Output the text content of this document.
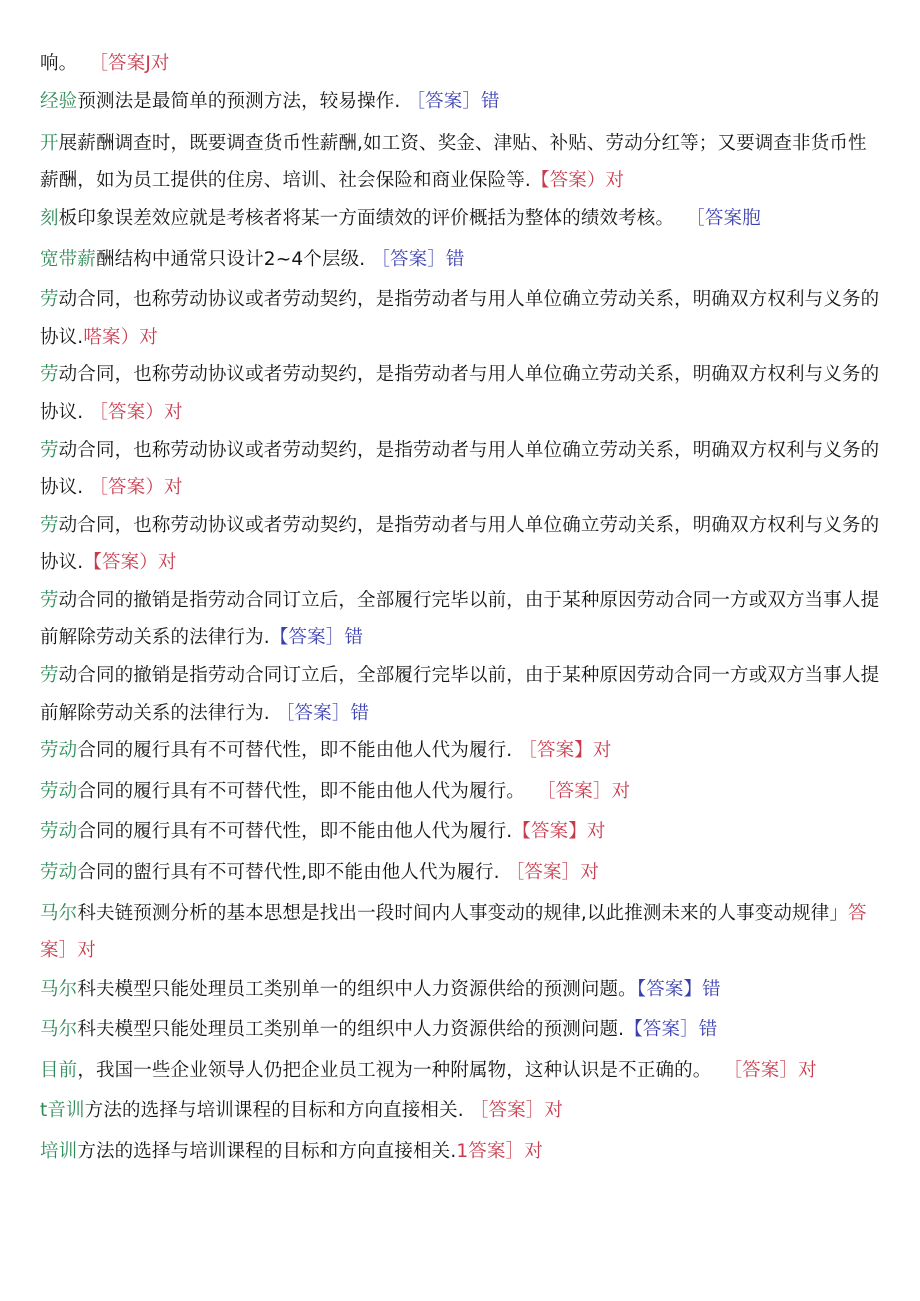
响。 ［答案J对
经验预测法是最简单的预测方法，较易操作. ［答案］错
开展薪酬调查时，既要调查货币性薪酬,如工资、奖金、津贴、补贴、劳动分红等；又要调查非货币性
薪酬，如为员工提供的住房、培训、社会保险和商业保险等.【答案）对
刻板印象误差效应就是考核者将某一方面绩效的评价概括为整体的绩效考核。 ［答案胞
宽带薪酬结构中通常只设计2~4个层级. ［答案］错
劳动合同，也称劳动协议或者劳动契约，是指劳动者与用人单位确立劳动关系，明确双方权利与义务的
协议.嗒案）对
劳动合同，也称劳动协议或者劳动契约，是指劳动者与用人单位确立劳动关系，明确双方权利与义务的
协议. ［答案）对
劳动合同，也称劳动协议或者劳动契约，是指劳动者与用人单位确立劳动关系，明确双方权利与义务的
协议. ［答案）对
劳动合同，也称劳动协议或者劳动契约，是指劳动者与用人单位确立劳动关系，明确双方权利与义务的
协议.【答案）对
劳动合同的撤销是指劳动合同订立后，全部履行完毕以前，由于某种原因劳动合同一方或双方当事人提
前解除劳动关系的法律行为.【答案］错
劳动合同的撤销是指劳动合同订立后，全部履行完毕以前，由于某种原因劳动合同一方或双方当事人提
前解除劳动关系的法律行为. ［答案］错
劳动合同的履行具有不可替代性，即不能由他人代为履行. ［答案】对
劳动合同的履行具有不可替代性，即不能由他人代为履行。 ［答案］对
劳动合同的履行具有不可替代性，即不能由他人代为履行.【答案】对
劳动合同的盥行具有不可替代性,即不能由他人代为履行. ［答案］对
马尔科夫链预测分析的基本思想是找出一段时间内人事变动的规律,以此推测未来的人事变动规律」答
案］对
马尔科夫模型只能处理员工类别单一的组织中人力资源供给的预测问题。【答案】错
马尔科夫模型只能处理员工类别单一的组织中人力资源供给的预测问题.【答案］错
目前，我国一些企业领导人仍把企业员工视为一种附属物，这种认识是不正确的。 ［答案］对
t音训方法的选择与培训课程的目标和方向直接相关. ［答案］对
培训方法的选择与培训课程的目标和方向直接相关.1答案］对
